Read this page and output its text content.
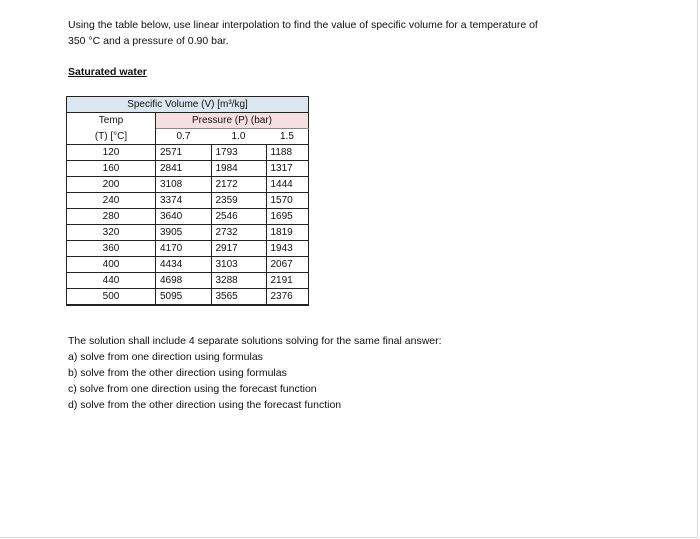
Using the table below, use linear interpolation to find the value of specific volume for a temperature of
350 °C and a pressure of 0.90 bar.
Saturated water
Specific Volume (V) [m³/kg]			
Temp	Pressure (P) (bar)		
(T) [°C]	0.7	1.0	1.5
120	2571	1793	1188
160	2841	1984	1317
200	3108	2172	1444
240	3374	2359	1570
280	3640	2546	1695
320	3905	2732	1819
360	4170	2917	1943
400	4434	3103	2067
440	4698	3288	2191
500	5095	3565	2376
The solution shall include 4 separate solutions solving for the same final answer:
a) solve from one direction using formulas
b) solve from the other direction using formulas
c) solve from one direction using the forecast function
d) solve from the other direction using the forecast function
